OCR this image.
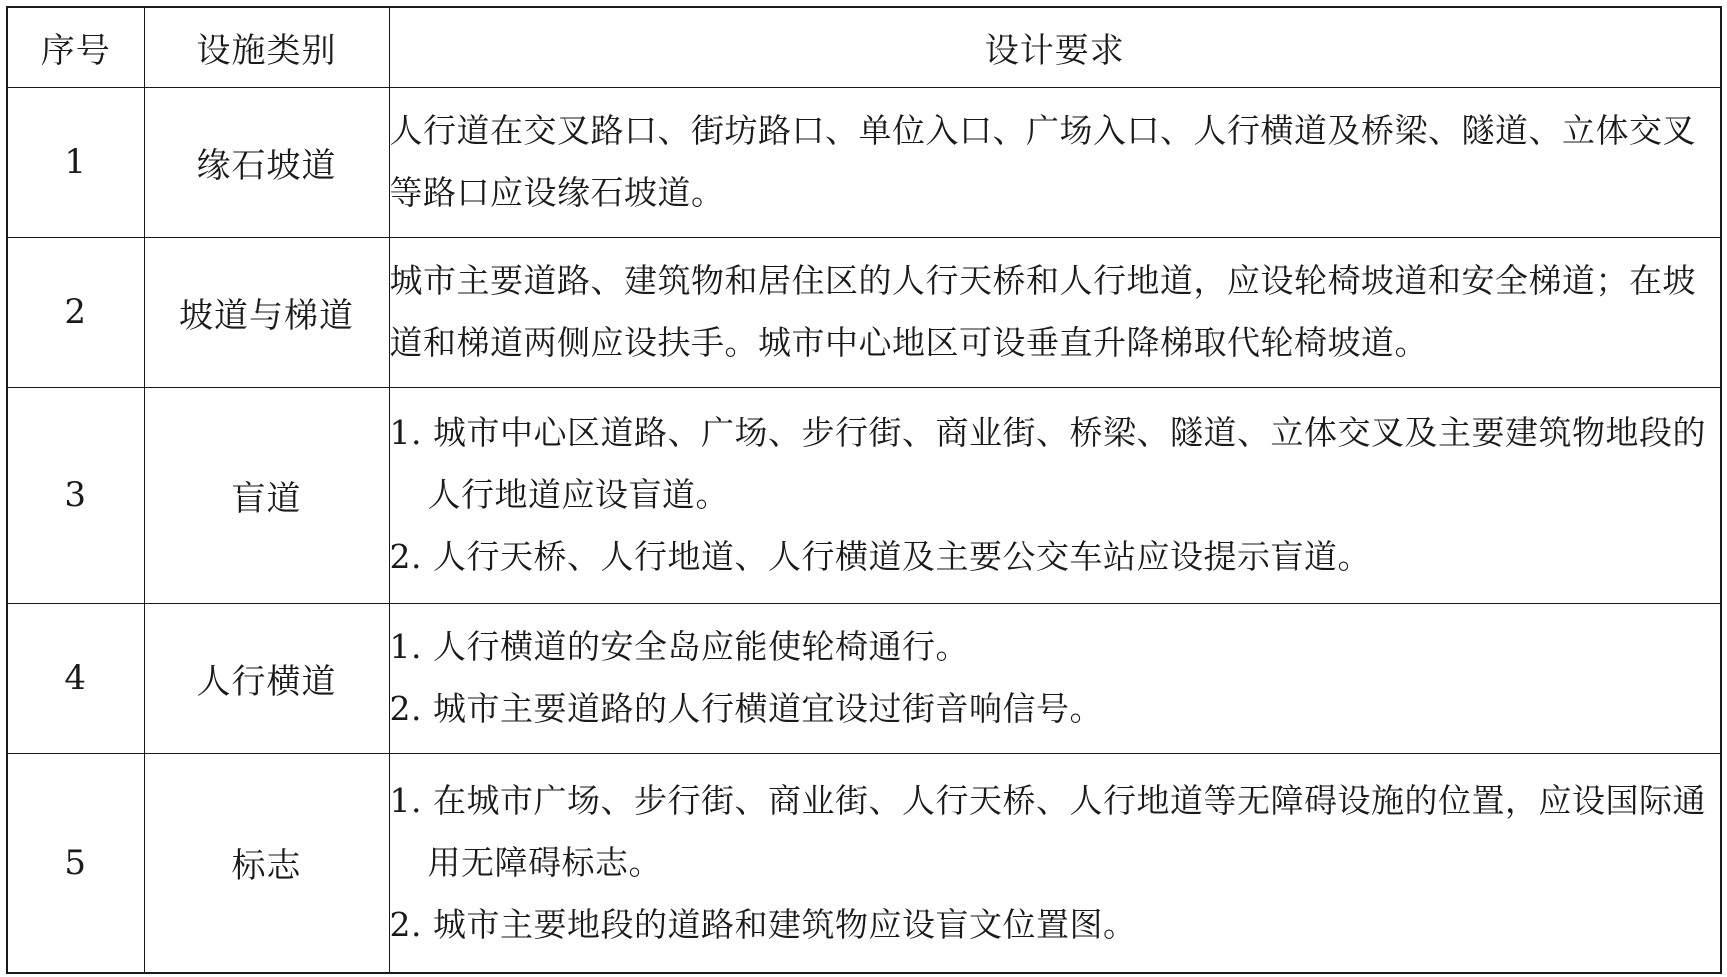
序号	设施类别	设计要求
1	缘石坡道	人行道在交叉路口、街坊路口、单位入口、广场入口、人行横道及桥梁、隧道、立体交叉等路口应设缘石坡道。

2	坡道与梯道	城市主要道路、建筑物和居住区的人行天桥和人行地道，应设轮椅坡道和安全梯道；在坡道和梯道两侧应设扶手。城市中心地区可设垂直升降梯取代轮椅坡道。

3	盲道	1. 城市中心区道路、广场、步行街、商业街、桥梁、隧道、立体交叉及主要建筑物地段的人行地道应设盲道。
2. 人行天桥、人行地道、人行横道及主要公交车站应设提示盲道。

4	人行横道	1. 人行横道的安全岛应能使轮椅通行。
2. 城市主要道路的人行横道宜设过街音响信号。

5	标志	1. 在城市广场、步行街、商业街、人行天桥、人行地道等无障碍设施的位置，应设国际通用无障碍标志。
2. 城市主要地段的道路和建筑物应设盲文位置图。
